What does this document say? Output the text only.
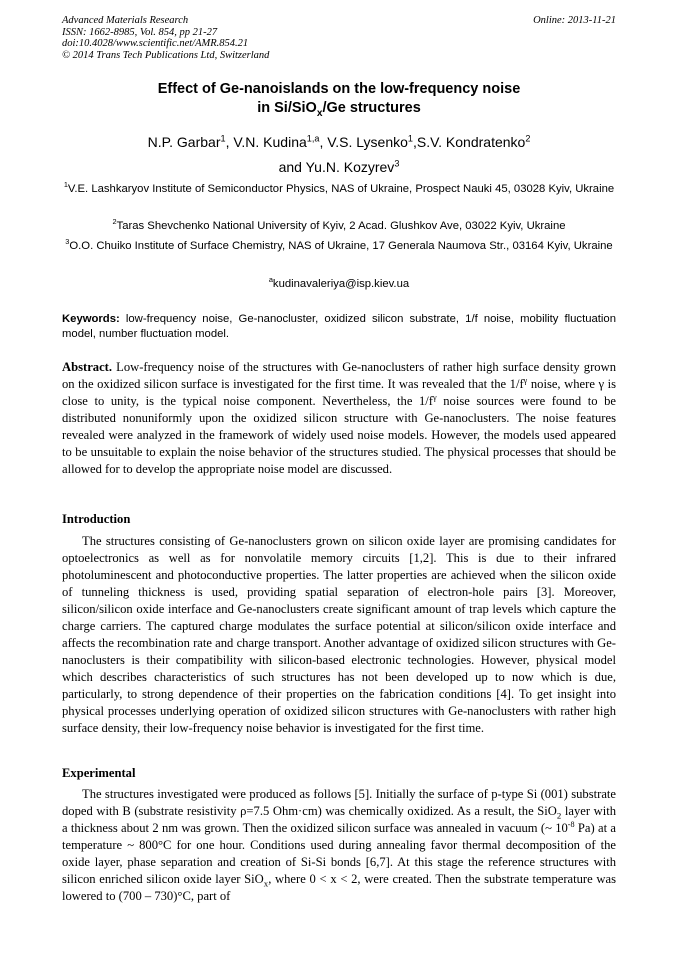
Advanced Materials Research
ISSN: 1662-8985, Vol. 854, pp 21-27
doi:10.4028/www.scientific.net/AMR.854.21
© 2014 Trans Tech Publications Ltd, Switzerland
Online: 2013-11-21
Effect of Ge-nanoislands on the low-frequency noise
in Si/SiO$_x$/Ge structures
N.P. Garbar$^1$, V.N. Kudina$^{1,a}$, V.S. Lysenko$^1$,S.V. Kondratenko$^2$
and Yu.N. Kozyrev$^3$
$^1$V.E. Lashkaryov Institute of Semiconductor Physics, NAS of Ukraine, Prospect Nauki 45, 03028 Kyiv, Ukraine
$^2$Taras Shevchenko National University of Kyiv, 2 Acad. Glushkov Ave, 03022 Kyiv, Ukraine
$^3$O.O. Chuiko Institute of Surface Chemistry, NAS of Ukraine, 17 Generala Naumova Str., 03164 Kyiv, Ukraine
$^a$kudinavaleriya@isp.kiev.ua
Keywords: low-frequency noise, Ge-nanocluster, oxidized silicon substrate, 1/f noise, mobility fluctuation model, number fluctuation model.
Abstract. Low-frequency noise of the structures with Ge-nanoclusters of rather high surface density grown on the oxidized silicon surface is investigated for the first time. It was revealed that the $1/f^\gamma$ noise, where γ is close to unity, is the typical noise component. Nevertheless, the $1/f^\gamma$ noise sources were found to be distributed nonuniformly upon the oxidized silicon structure with Ge-nanoclusters. The noise features revealed were analyzed in the framework of widely used noise models. However, the models used appeared to be unsuitable to explain the noise behavior of the structures studied. The physical processes that should be allowed for to develop the appropriate noise model are discussed.
Introduction
The structures consisting of Ge-nanoclusters grown on silicon oxide layer are promising candidates for optoelectronics as well as for nonvolatile memory circuits [1,2]. This is due to their infrared photoluminescent and photoconductive properties. The latter properties are achieved when the silicon oxide of tunneling thickness is used, providing spatial separation of electron-hole pairs [3]. Moreover, silicon/silicon oxide interface and Ge-nanoclusters create significant amount of trap levels which capture the charge carriers. The captured charge modulates the surface potential at silicon/silicon oxide interface and affects the recombination rate and charge transport. Another advantage of oxidized silicon structures with Ge-nanoclusters is their compatibility with silicon-based electronic technologies. However, physical model which describes characteristics of such structures has not been developed up to now which is due, particularly, to strong dependence of their properties on the fabrication conditions [4]. To get insight into physical processes underlying operation of oxidized silicon structures with Ge-nanoclusters with rather high surface density, their low-frequency noise behavior is investigated for the first time.
Experimental
The structures investigated were produced as follows [5]. Initially the surface of p-type Si (001) substrate doped with B (substrate resistivity ρ=7.5 Ohm·cm) was chemically oxidized. As a result, the SiO$_2$ layer with a thickness about 2 nm was grown. Then the oxidized silicon surface was annealed in vacuum (~ $10^{-8}$ Pa) at a temperature ~ 800°C for one hour. Conditions used during annealing favor thermal decomposition of the oxide layer, phase separation and creation of Si-Si bonds [6,7]. At this stage the reference structures with silicon enriched silicon oxide layer SiO$_x$, where 0 < x < 2, were created. Then the substrate temperature was lowered to (700 – 730)°C, part of
